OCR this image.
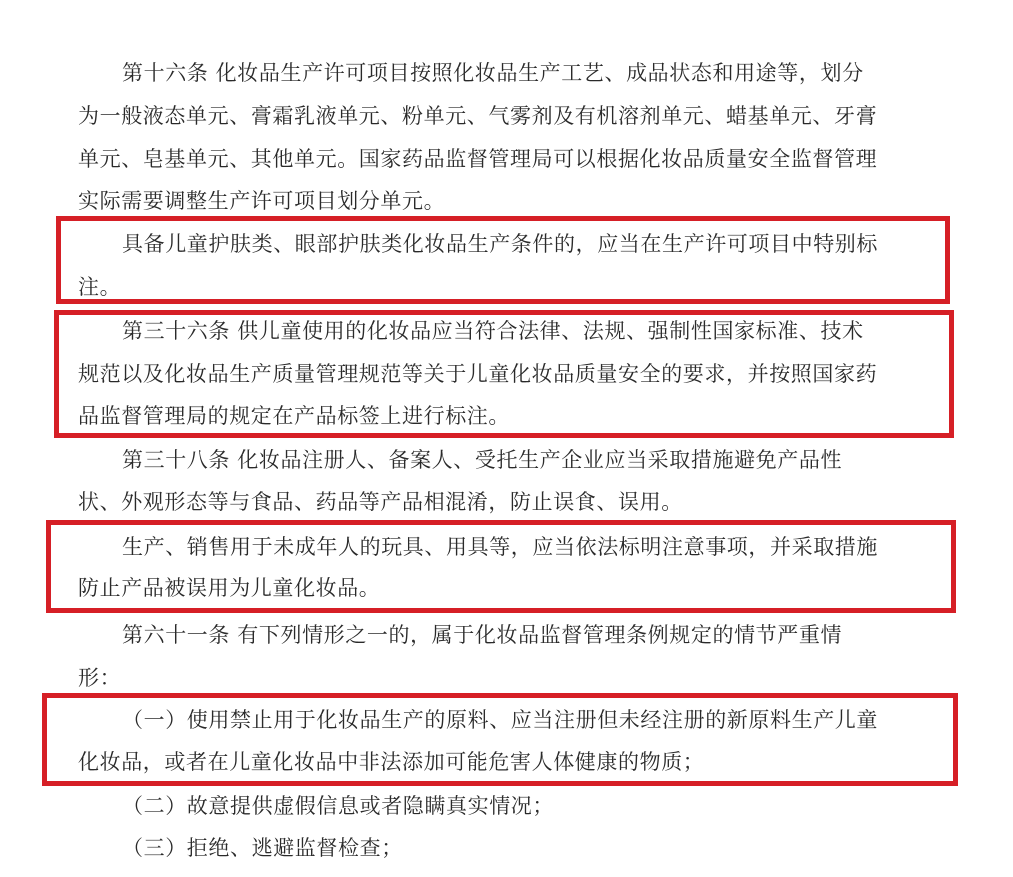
第十六条 化妆品生产许可项目按照化妆品生产工艺、成品状态和用途等，划分
为一般液态单元、膏霜乳液单元、粉单元、气雾剂及有机溶剂单元、蜡基单元、牙膏
单元、皂基单元、其他单元。国家药品监督管理局可以根据化妆品质量安全监督管理
实际需要调整生产许可项目划分单元。
具备儿童护肤类、眼部护肤类化妆品生产条件的，应当在生产许可项目中特别标
注。
第三十六条 供儿童使用的化妆品应当符合法律、法规、强制性国家标准、技术
规范以及化妆品生产质量管理规范等关于儿童化妆品质量安全的要求，并按照国家药
品监督管理局的规定在产品标签上进行标注。
第三十八条 化妆品注册人、备案人、受托生产企业应当采取措施避免产品性
状、外观形态等与食品、药品等产品相混淆，防止误食、误用。
生产、销售用于未成年人的玩具、用具等，应当依法标明注意事项，并采取措施
防止产品被误用为儿童化妆品。
第六十一条 有下列情形之一的，属于化妆品监督管理条例规定的情节严重情
形：
（一）使用禁止用于化妆品生产的原料、应当注册但未经注册的新原料生产儿童
化妆品，或者在儿童化妆品中非法添加可能危害人体健康的物质；
（二）故意提供虚假信息或者隐瞒真实情况；
（三）拒绝、逃避监督检查；
